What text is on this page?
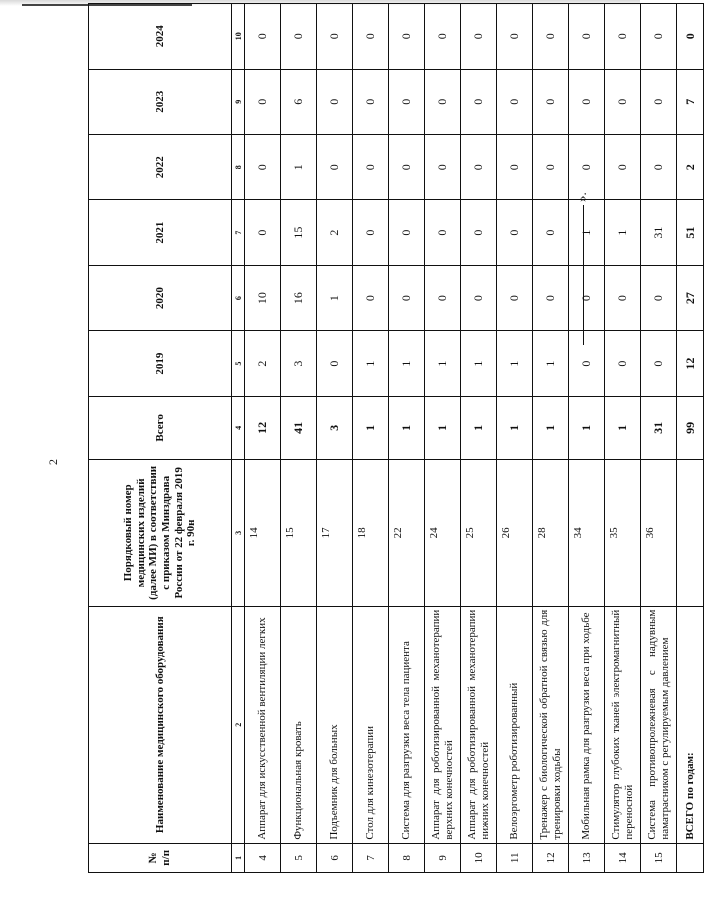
2
№ п/п	Наименование медицинского оборудования	Порядковый номер медицинских изделий (далее МИ) в соответствии с приказом Минздрава России от 22 февраля 2019 г. 90н	Всего	2019	2020	2021	2022	2023	2024
1	2	3	4	5	6	7	8	9	10
4	Аппарат для искусственной вентиляции легких	14	12	2	10	0	0	0	0
5	Функциональная кровать	15	41	3	16	15	1	6	0
6	Подъемник для больных	17	3	0	1	2	0	0	0
7	Стол для кинезотерапии	18	1	1	0	0	0	0	0
8	Система для разгрузки веса тела пациента	22	1	1	0	0	0	0	0
9	Аппарат для роботизированной механотерапии верхних конечностей	24	1	1	0	0	0	0	0
10	Аппарат для роботизированной механотерапии нижних конечностей	25	1	1	0	0	0	0	0
11	Велоэргометр роботизированный	26	1	1	0	0	0	0	0
12	Тренажер с биологической обратной связью для тренировки ходьбы	28	1	1	0	0	0	0	0
13	Мобильная рамка для разгрузки веса при ходьбе	34	1	0	0	1	0	0	0
14	Стимулятор глубоких тканей электромагнитный переносной	35	1	0	0	1	0	0	0
15	Система противопролежневая с надувным наматрасником с регулируемым давлением	36	31	0	0	31	0	0	0
	ВСЕГО по годам:		99	12	27	51	2	7	0
».
